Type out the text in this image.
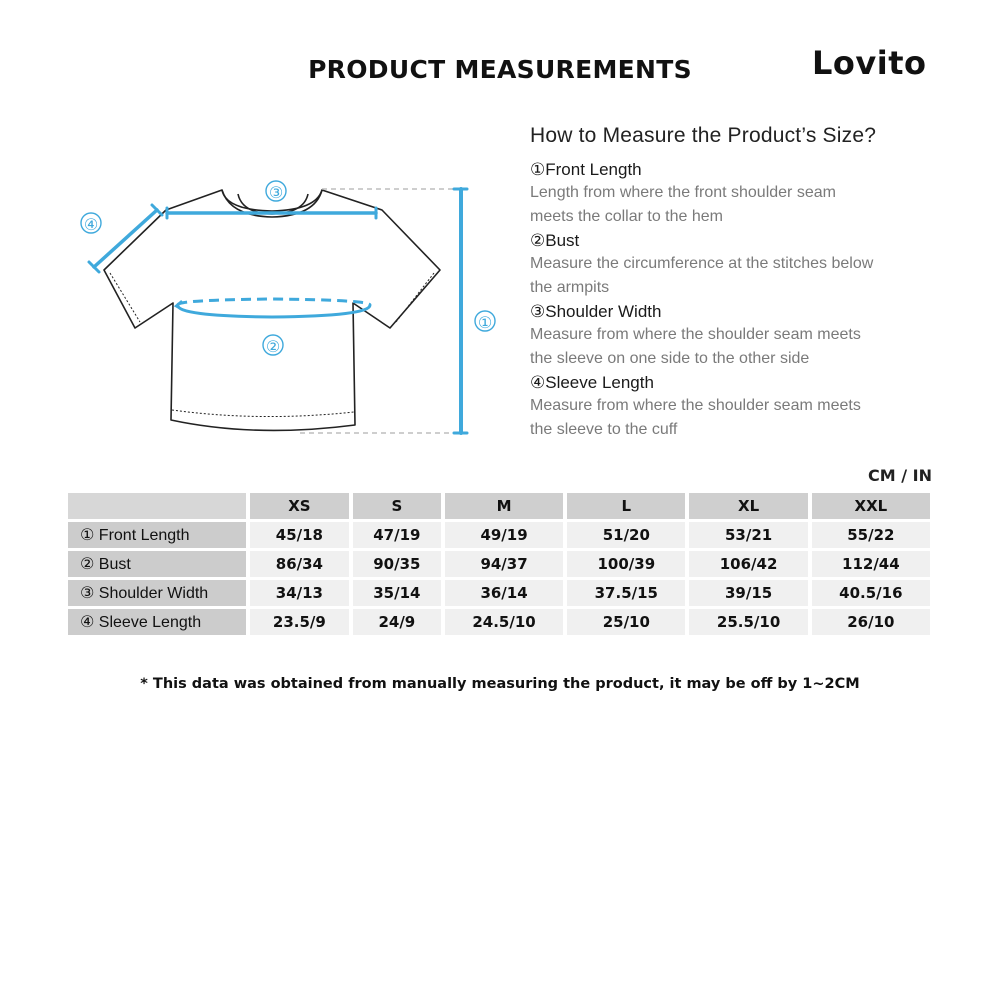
PRODUCT MEASUREMENTS	Lovito
①
③
④
②
How to Measure the Product’s Size?
①Front Length
Length from where the front shoulder seam
meets the collar to the hem
②Bust
Measure the circumference at the stitches below
the armpits
③Shoulder Width
Measure from where the shoulder seam meets
the sleeve on one side to the other side
④Sleeve Length
Measure from where the shoulder seam meets
the sleeve to the cuff
CM / IN
	XS	S	M	L	XL	XXL
① Front Length	45/18	47/19	49/19	51/20	53/21	55/22
② Bust	86/34	90/35	94/37	100/39	106/42	112/44
③ Shoulder Width	34/13	35/14	36/14	37.5/15	39/15	40.5/16
④ Sleeve Length	23.5/9	24/9	24.5/10	25/10	25.5/10	26/10
* This data was obtained from manually measuring the product, it may be off by 1~2CM
